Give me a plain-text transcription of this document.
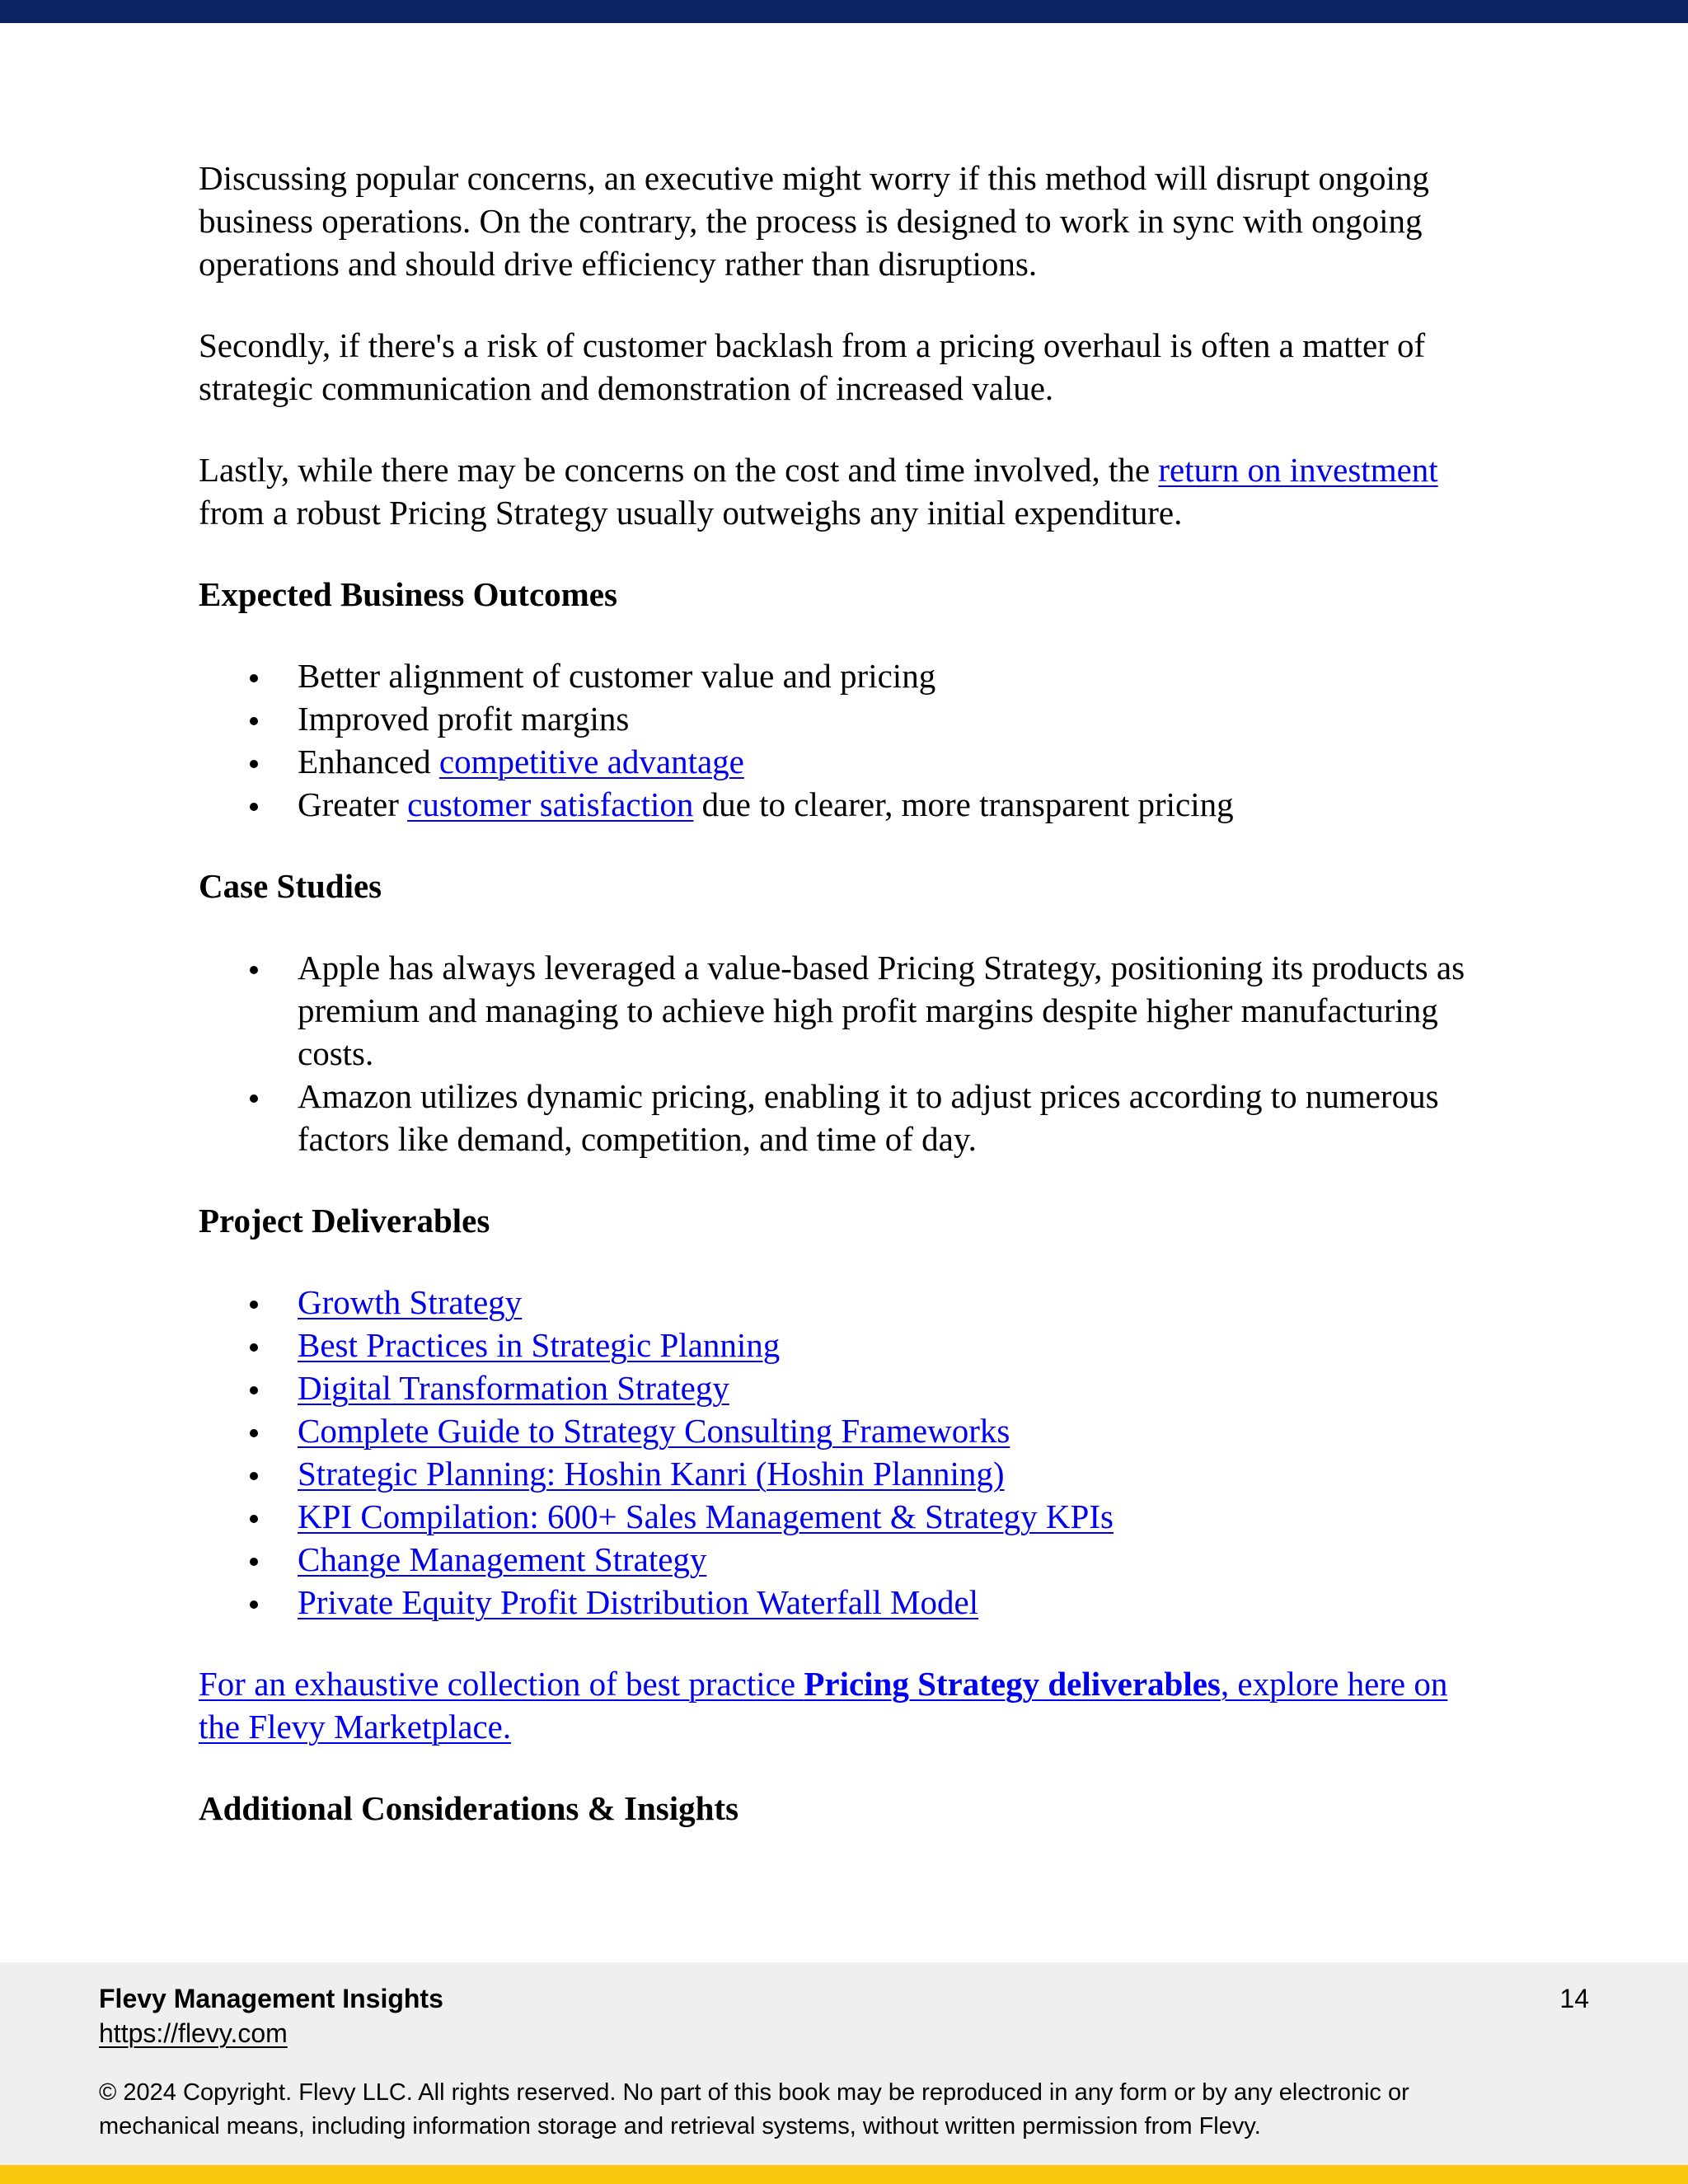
Discussing popular concerns, an executive might worry if this method will disrupt ongoing business operations. On the contrary, the process is designed to work in sync with ongoing operations and should drive efficiency rather than disruptions.

Secondly, if there's a risk of customer backlash from a pricing overhaul is often a matter of strategic communication and demonstration of increased value.

Lastly, while there may be concerns on the cost and time involved, the return on investment from a robust Pricing Strategy usually outweighs any initial expenditure.

Expected Business Outcomes
Better alignment of customer value and pricing
Improved profit margins
Enhanced competitive advantage
Greater customer satisfaction due to clearer, more transparent pricing
Case Studies
Apple has always leveraged a value-based Pricing Strategy, positioning its products as premium and managing to achieve high profit margins despite higher manufacturing costs.
Amazon utilizes dynamic pricing, enabling it to adjust prices according to numerous factors like demand, competition, and time of day.
Project Deliverables
Growth Strategy
Best Practices in Strategic Planning
Digital Transformation Strategy
Complete Guide to Strategy Consulting Frameworks
Strategic Planning: Hoshin Kanri (Hoshin Planning)
KPI Compilation: 600+ Sales Management & Strategy KPIs
Change Management Strategy
Private Equity Profit Distribution Waterfall Model

For an exhaustive collection of best practice Pricing Strategy deliverables, explore here on the Flevy Marketplace.

Additional Considerations & Insights
Flevy Management Insights
https://flevy.com
14
© 2024 Copyright. Flevy LLC. All rights reserved. No part of this book may be reproduced in any form or by any electronic or mechanical means, including information storage and retrieval systems, without written permission from Flevy.
